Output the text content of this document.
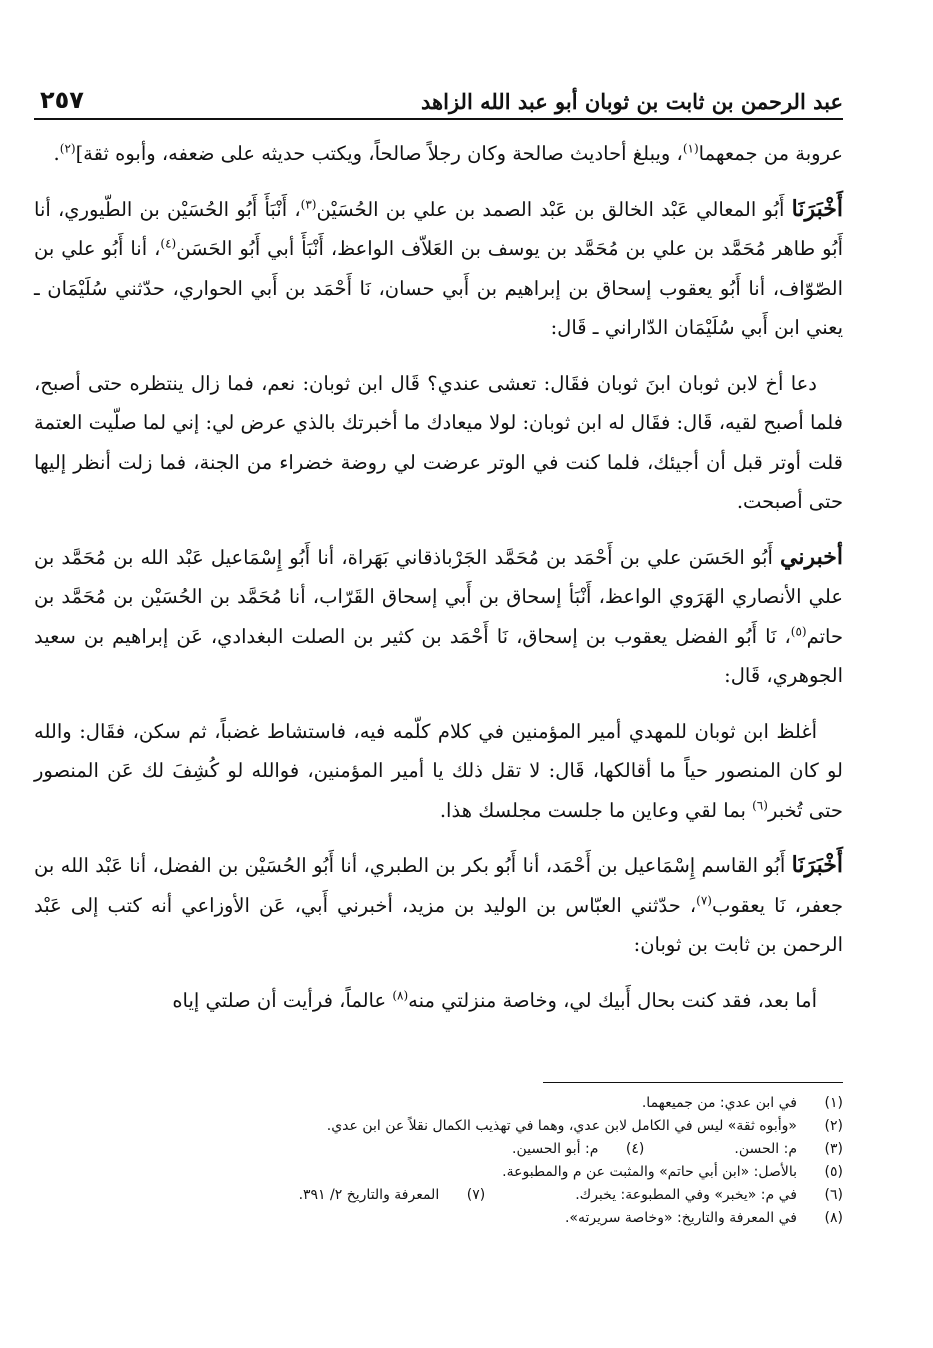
٢٥٧	عبد الرحمن بن ثابت بن ثوبان أبو عبد الله الزاهد

عروبة من جمعهما$^{(١)}$، ويبلغ أحاديث صالحة وكان رجلاً صالحاً، ويكتب حديثه على ضعفه، وأبوه ثقة]$^{(٢)}$.

أَخْبَرَنَا أَبُو المعالي عَبْد الخالق بن عَبْد الصمد بن علي بن الحُسَيْن$^{(٣)}$، أَنْبَأَ أَبُو الحُسَيْن بن الطّيوري، أنا أَبُو طاهر مُحَمَّد بن علي بن مُحَمَّد بن يوسف بن العَلاّف الواعظ، أَنْبَأَ أبي أَبُو الحَسَن$^{(٤)}$، أنا أَبُو علي بن الصّوّاف، أنا أَبُو يعقوب إسحاق بن إبراهيم بن أَبي حسان، نَا أَحْمَد بن أَبي الحواري، حدّثني سُلَيْمَان ـ يعني ابن أَبي سُلَيْمَان الدّاراني ـ قَال:

دعا أخ لابن ثوبان ابنَ ثوبان فقَال: تعشى عندي؟ قَال ابن ثوبان: نعم، فما زال ينتظره حتى أصبح، فلما أصبح لقيه، قَال: فقَال له ابن ثوبان: لولا ميعادك ما أخبرتك بالذي عرض لي: إني لما صلّيت العتمة قلت أوتر قبل أن أجيئك، فلما كنت في الوتر عرضت لي روضة خضراء من الجنة، فما زلت أنظر إليها حتى أصبحت.

أخبرني أَبُو الحَسَن علي بن أَحْمَد بن مُحَمَّد الجَرْباذقاني بَهَراة، أنا أَبُو إِسْمَاعيل عَبْد الله بن مُحَمَّد بن علي الأنصاري الهَرَوي الواعظ، أَنْبَأ إسحاق بن أَبي إسحاق القَرّاب، أنا مُحَمَّد بن الحُسَيْن بن مُحَمَّد بن حاتم$^{(٥)}$، نَا أَبُو الفضل يعقوب بن إسحاق، نَا أَحْمَد بن كثير بن الصلت البغدادي، عَن إبراهيم بن سعيد الجوهري، قَال:

أغلظ ابن ثوبان للمهدي أمير المؤمنين في كلام كلّمه فيه، فاستشاط غضباً، ثم سكن، فقَال: والله لو كان المنصور حياً ما أقالكها، قَال: لا تقل ذلك يا أمير المؤمنين، فوالله لو كُشِفَ لك عَن المنصور حتى تُخبر$^{(٦)}$ بما لقي وعاين ما جلست مجلسك هذا.

أَخْبَرَنَا أَبُو القاسم إِسْمَاعيل بن أَحْمَد، أنا أَبُو بكر بن الطبري، أنا أَبُو الحُسَيْن بن الفضل، أنا عَبْد الله بن جعفر، نَا يعقوب$^{(٧)}$، حدّثني العبّاس بن الوليد بن مزيد، أخبرني أَبي، عَن الأوزاعي أنه كتب إلى عَبْد الرحمن بن ثابت بن ثوبان:

أما بعد، فقد كنت بحال أَبيك لي، وخاصة منزلتي منه$^{(٨)}$ عالماً، فرأيت أن صلتي إياه

(١)
في ابن عدي: من جميعهما.
(٢)
«وأبوه ثقة» ليس في الكامل لابن عدي، وهما في تهذيب الكمال نقلاً عن ابن عدي.
(٣)
م: الحسن.
(٤)
م: أبو الحسين.
(٥)
بالأصل: «ابن أبي حاتم» والمثبت عن م والمطبوعة.
(٦)
في م: «يخبر» وفي المطبوعة: يخبرك.
(٧)
المعرفة والتاريخ ٢/ ٣٩١.
(٨)
في المعرفة والتاريخ: «وخاصة سريرته».
